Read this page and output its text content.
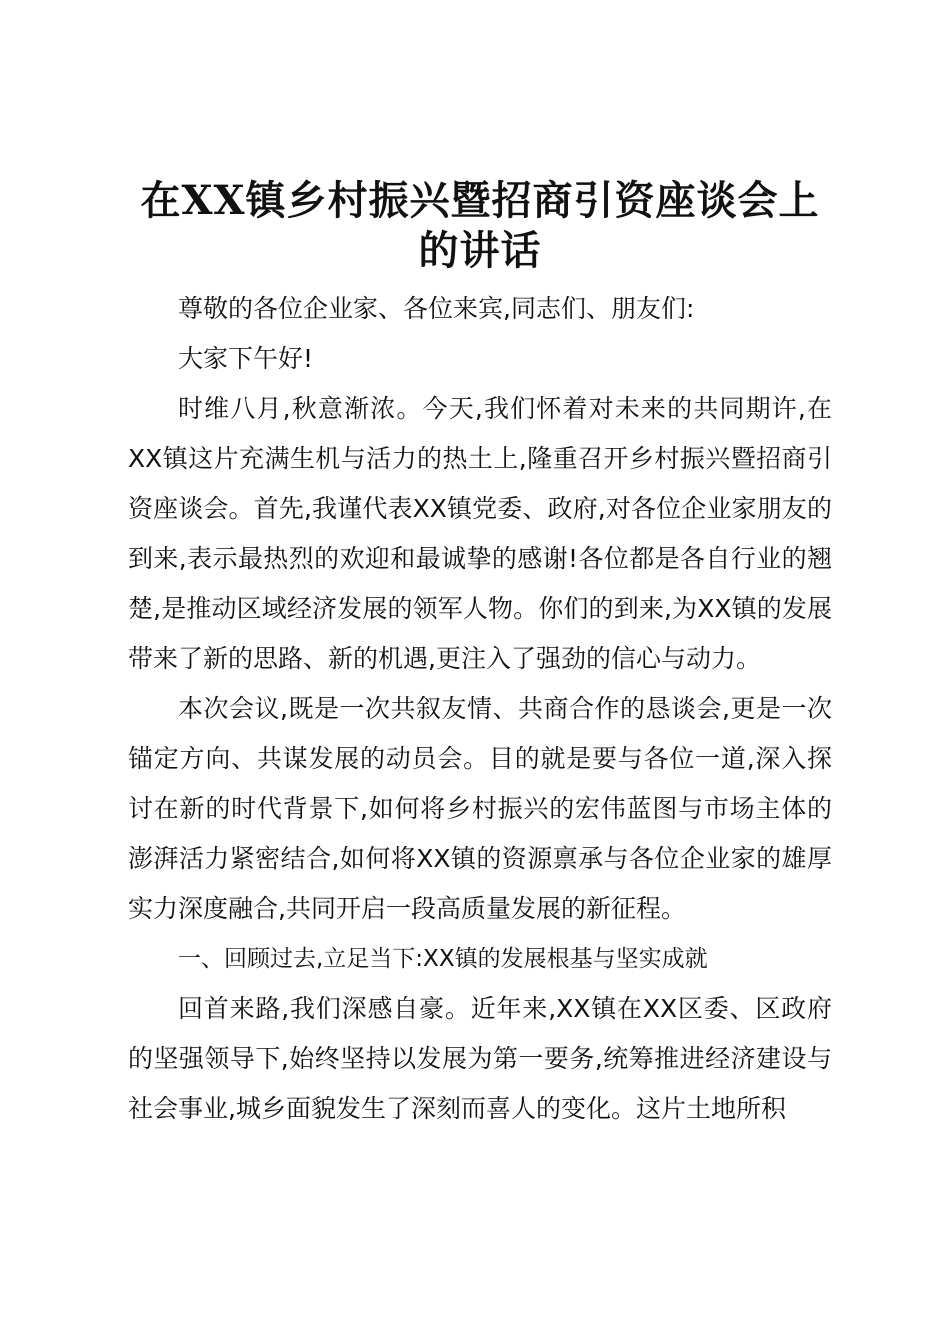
在XX镇乡村振兴暨招商引资座谈会上
的讲话

尊敬的各位企业家、各位来宾,同志们、朋友们:

大家下午好!

时维八月,秋意渐浓。今天,我们怀着对未来的共同期许,在XX镇这片充满生机与活力的热土上,隆重召开乡村振兴暨招商引资座谈会。首先,我谨代表XX镇党委、政府,对各位企业家朋友的到来,表示最热烈的欢迎和最诚挚的感谢!各位都是各自行业的翘楚,是推动区域经济发展的领军人物。你们的到来,为XX镇的发展带来了新的思路、新的机遇,更注入了强劲的信心与动力。

本次会议,既是一次共叙友情、共商合作的恳谈会,更是一次锚定方向、共谋发展的动员会。目的就是要与各位一道,深入探讨在新的时代背景下,如何将乡村振兴的宏伟蓝图与市场主体的澎湃活力紧密结合,如何将XX镇的资源禀承与各位企业家的雄厚实力深度融合,共同开启一段高质量发展的新征程。

一、回顾过去,立足当下:XX镇的发展根基与坚实成就

回首来路,我们深感自豪。近年来,XX镇在XX区委、区政府的坚强领导下,始终坚持以发展为第一要务,统筹推进经济建设与社会事业,城乡面貌发生了深刻而喜人的变化。这片土地所积
